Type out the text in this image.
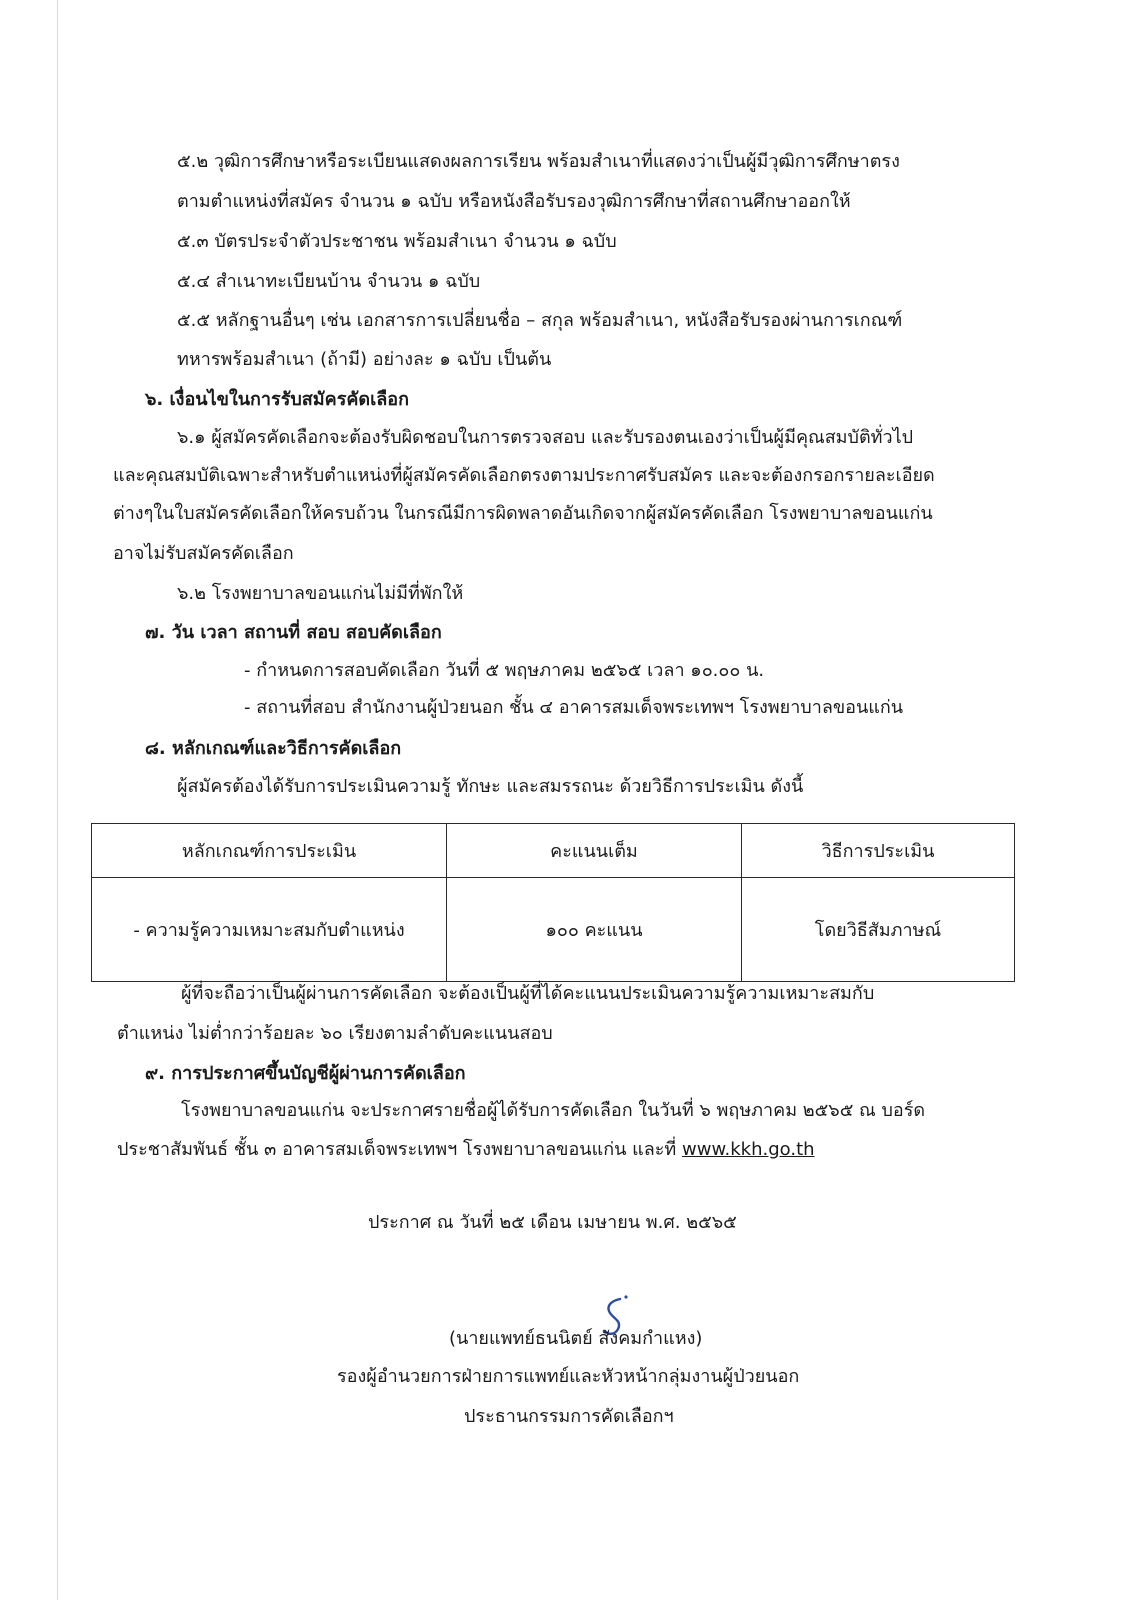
๕.๒ วุฒิการศึกษาหรือระเบียนแสดงผลการเรียน พร้อมสำเนาที่แสดงว่าเป็นผู้มีวุฒิการศึกษาตรง
ตามตำแหน่งที่สมัคร จำนวน ๑ ฉบับ หรือหนังสือรับรองวุฒิการศึกษาที่สถานศึกษาออกให้
๕.๓ บัตรประจำตัวประชาชน พร้อมสำเนา จำนวน ๑ ฉบับ
๕.๔ สำเนาทะเบียนบ้าน จำนวน ๑ ฉบับ
๕.๕ หลักฐานอื่นๆ เช่น เอกสารการเปลี่ยนชื่อ – สกุล พร้อมสำเนา, หนังสือรับรองผ่านการเกณฑ์
ทหารพร้อมสำเนา (ถ้ามี) อย่างละ ๑ ฉบับ เป็นต้น
๖. เงื่อนไขในการรับสมัครคัดเลือก
๖.๑ ผู้สมัครคัดเลือกจะต้องรับผิดชอบในการตรวจสอบ และรับรองตนเองว่าเป็นผู้มีคุณสมบัติทั่วไป
และคุณสมบัติเฉพาะสำหรับตำแหน่งที่ผู้สมัครคัดเลือกตรงตามประกาศรับสมัคร และจะต้องกรอกรายละเอียด
ต่างๆในใบสมัครคัดเลือกให้ครบถ้วน ในกรณีมีการผิดพลาดอันเกิดจากผู้สมัครคัดเลือก โรงพยาบาลขอนแก่น
อาจไม่รับสมัครคัดเลือก
๖.๒ โรงพยาบาลขอนแก่นไม่มีที่พักให้
๗. วัน เวลา สถานที่ สอบ สอบคัดเลือก
- กำหนดการสอบคัดเลือก วันที่ ๕ พฤษภาคม ๒๕๖๕ เวลา ๑๐.๐๐ น.
- สถานที่สอบ สำนักงานผู้ป่วยนอก ชั้น ๔ อาคารสมเด็จพระเทพฯ โรงพยาบาลขอนแก่น
๘. หลักเกณฑ์และวิธีการคัดเลือก
ผู้สมัครต้องได้รับการประเมินความรู้ ทักษะ และสมรรถนะ ด้วยวิธีการประเมิน ดังนี้
หลักเกณฑ์การประเมิน	คะแนนเต็ม	วิธีการประเมิน
- ความรู้ความเหมาะสมกับตำแหน่ง	๑๐๐ คะแนน	โดยวิธีสัมภาษณ์
ผู้ที่จะถือว่าเป็นผู้ผ่านการคัดเลือก จะต้องเป็นผู้ที่ได้คะแนนประเมินความรู้ความเหมาะสมกับ
ตำแหน่ง ไม่ต่ำกว่าร้อยละ ๖๐ เรียงตามลำดับคะแนนสอบ
๙. การประกาศขึ้นบัญชีผู้ผ่านการคัดเลือก
โรงพยาบาลขอนแก่น จะประกาศรายชื่อผู้ได้รับการคัดเลือก ในวันที่ ๖ พฤษภาคม ๒๕๖๕ ณ บอร์ด
ประชาสัมพันธ์ ชั้น ๓ อาคารสมเด็จพระเทพฯ โรงพยาบาลขอนแก่น และที่ www.kkh.go.th
ประกาศ ณ วันที่ ๒๕ เดือน เมษายน พ.ศ. ๒๕๖๕
(นายแพทย์ธนนิตย์ สังคมกำแหง)
รองผู้อำนวยการฝ่ายการแพทย์และหัวหน้ากลุ่มงานผู้ป่วยนอก
ประธานกรรมการคัดเลือกฯ
